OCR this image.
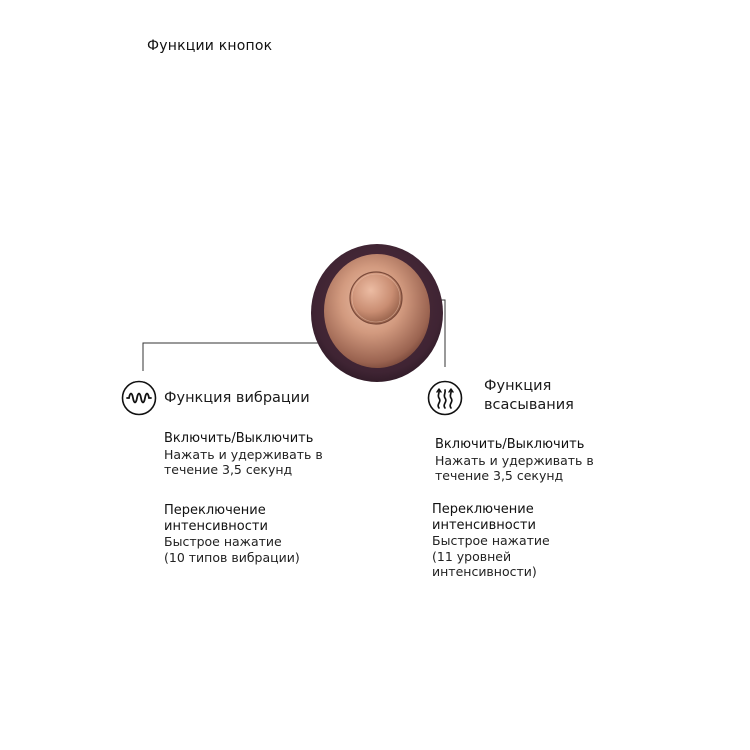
Функции кнопок
Функция вибрации
Включить/Выключить
Нажать и удерживать в
течение 3,5 секунд
Переключение
интенсивности
Быстрое нажатие
(10 типов вибрации)
Функция
всасывания
Включить/Выключить
Нажать и удерживать в
течение 3,5 секунд
Переключение
интенсивности
Быстрое нажатие
(11 уровней
интенсивности)
